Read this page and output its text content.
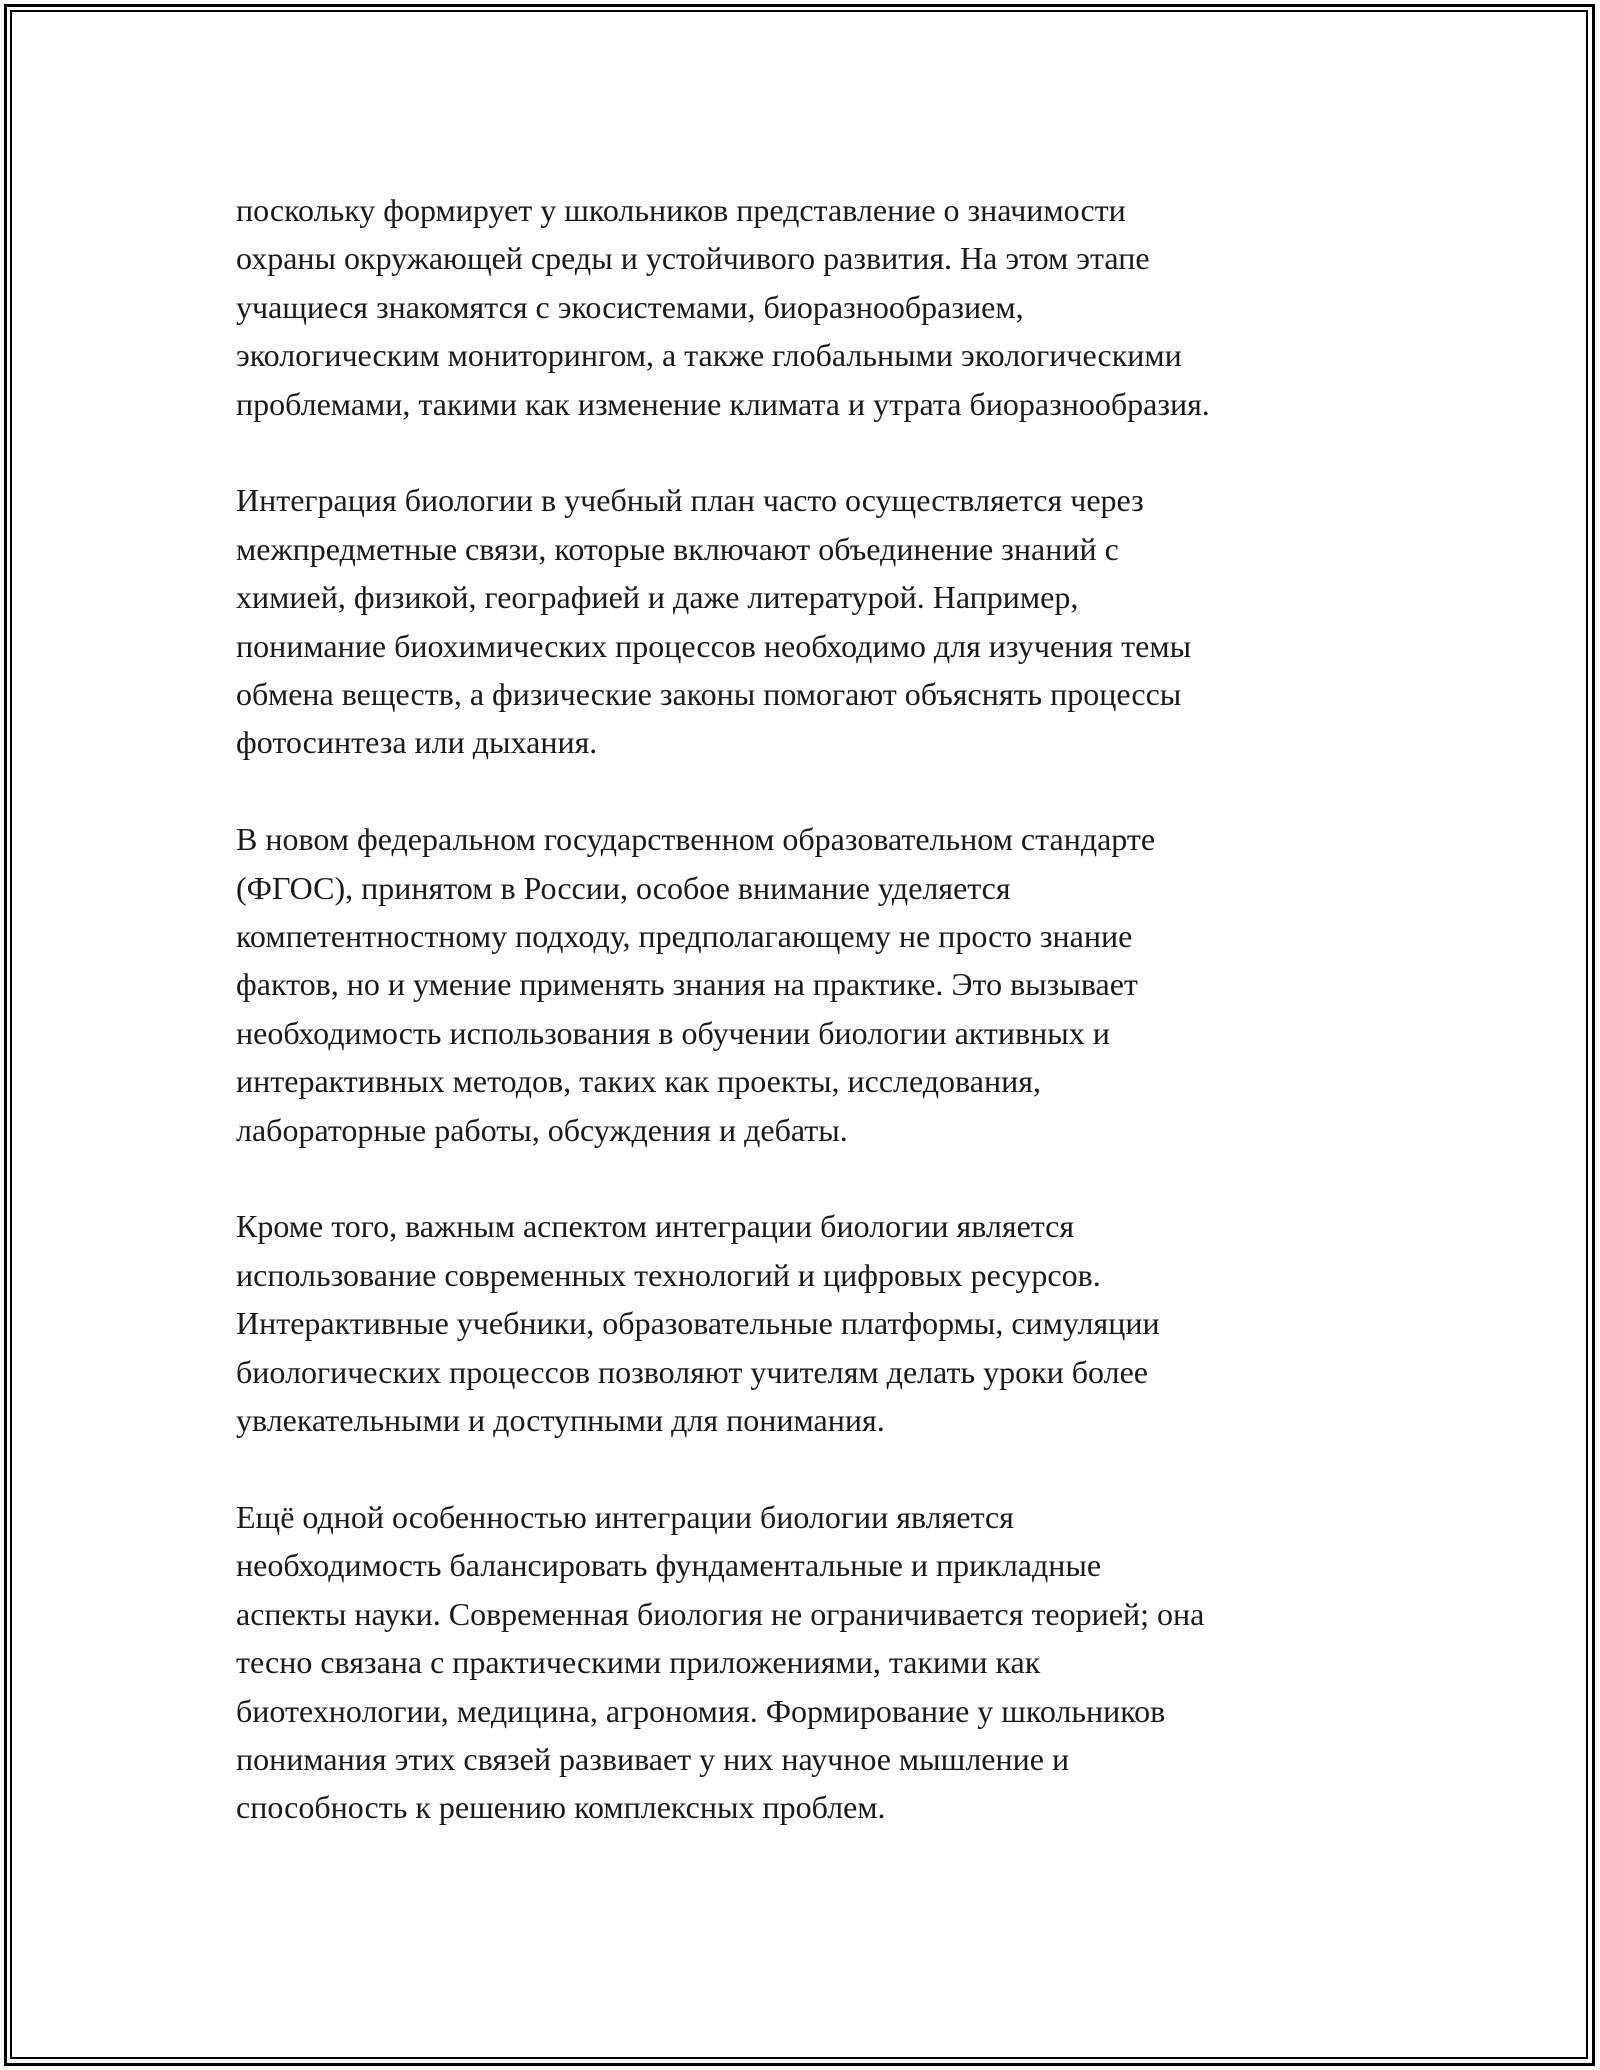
поскольку формирует у школьников представление о значимости
охраны окружающей среды и устойчивого развития. На этом этапе
учащиеся знакомятся с экосистемами, биоразнообразием,
экологическим мониторингом, а также глобальными экологическими
проблемами, такими как изменение климата и утрата биоразнообразия.

Интеграция биологии в учебный план часто осуществляется через
межпредметные связи, которые включают объединение знаний с
химией, физикой, географией и даже литературой. Например,
понимание биохимических процессов необходимо для изучения темы
обмена веществ, а физические законы помогают объяснять процессы
фотосинтеза или дыхания.

В новом федеральном государственном образовательном стандарте
(ФГОС), принятом в России, особое внимание уделяется
компетентностному подходу, предполагающему не просто знание
фактов, но и умение применять знания на практике. Это вызывает
необходимость использования в обучении биологии активных и
интерактивных методов, таких как проекты, исследования,
лабораторные работы, обсуждения и дебаты.

Кроме того, важным аспектом интеграции биологии является
использование современных технологий и цифровых ресурсов.
Интерактивные учебники, образовательные платформы, симуляции
биологических процессов позволяют учителям делать уроки более
увлекательными и доступными для понимания.

Ещё одной особенностью интеграции биологии является
необходимость балансировать фундаментальные и прикладные
аспекты науки. Современная биология не ограничивается теорией; она
тесно связана с практическими приложениями, такими как
биотехнологии, медицина, агрономия. Формирование у школьников
понимания этих связей развивает у них научное мышление и
способность к решению комплексных проблем.
